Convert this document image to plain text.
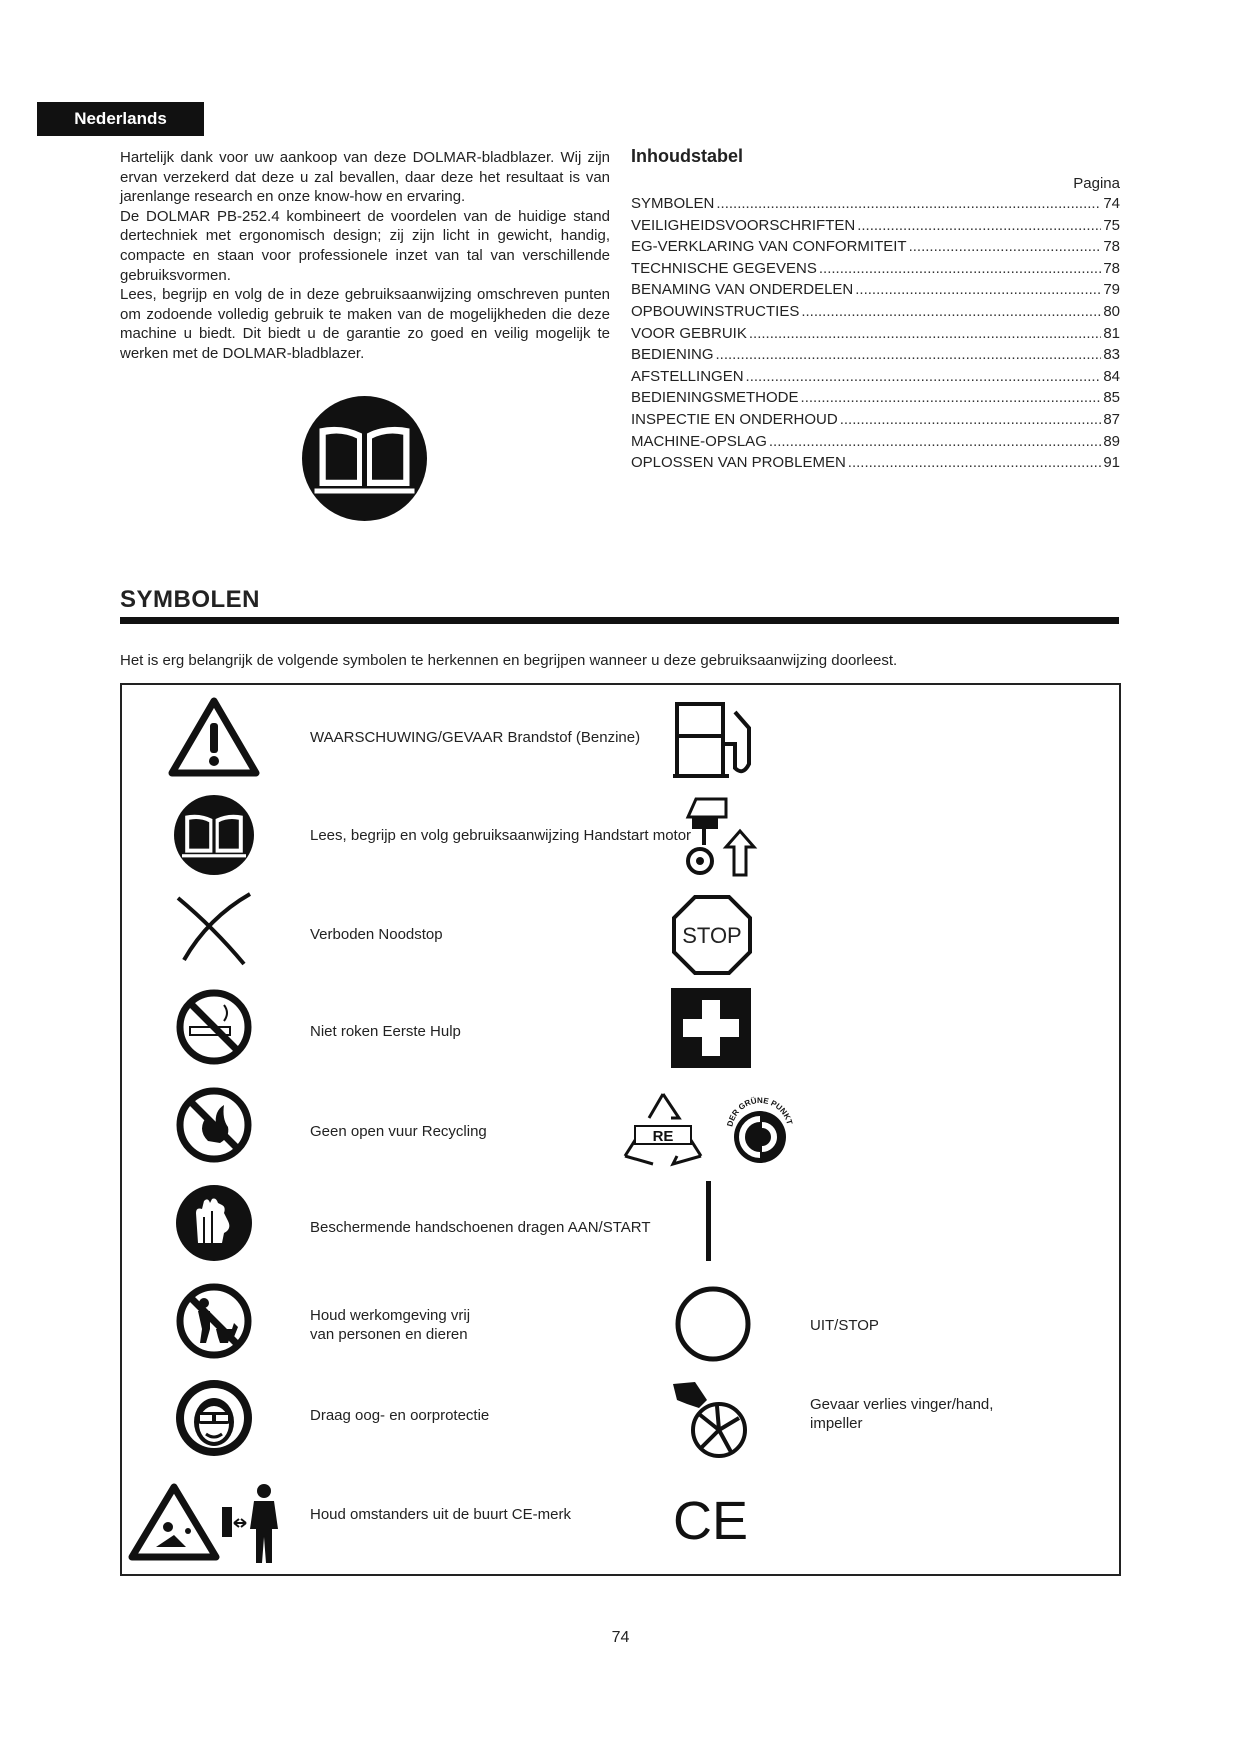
Nederlands

Hartelijk dank voor uw aankoop van deze DOLMAR-bladblazer. Wij zijn ervan verzekerd dat deze u zal bevallen, daar deze het resultaat is van jarenlange research en onze know-how en ervaring.

De DOLMAR PB-252.4 kombineert de voordelen van de huidige stand dertechniek met ergonomisch design; zij zijn licht in gewicht, handig, compacte en staan voor professionele inzet van tal van verschillende gebruiksvormen.

Lees, begrijp en volg de in deze gebruiksaanwijzing omschreven punten om zodoende volledig gebruik te maken van de mogelijkheden die deze machine u biedt. Dit biedt u de garantie zo goed en veilig mogelijk te werken met de DOLMAR-bladblazer.

Inhoudstabel
Pagina
SYMBOLEN .....	74
VEILIGHEIDSVOORSCHRIFTEN .....	75
EG-VERKLARING VAN CONFORMITEIT .....	78
TECHNISCHE GEGEVENS .....	78
BENAMING VAN ONDERDELEN .....	79
OPBOUWINSTRUCTIES .....	80
VOOR GEBRUIK .....	81
BEDIENING .....	83
AFSTELLINGEN .....	84
BEDIENINGSMETHODE .....	85
INSPECTIE EN ONDERHOUD .....	87
MACHINE-OPSLAG .....	89
OPLOSSEN VAN PROBLEMEN .....	91
SYMBOLEN
Het is erg belangrijk de volgende symbolen te herkennen en begrijpen wanneer u deze gebruiksaanwijzing doorleest.
WAARSCHUWING/GEVAAR Brandstof (Benzine)
Lees, begrijp en volg gebruiksaanwijzing Handstart motor
Verboden Noodstop	STOP
Niet roken Eerste Hulp
Geen open vuur Recycling	RE
DER GRÜNE PUNKT
Beschermende handschoenen dragen AAN/START
Houd werkomgeving vrij
van personen en dieren
UIT/STOP
Draag oog- en oorprotectie
Gevaar verlies vinger/hand,
impeller
Houd omstanders uit de buurt CE-merk CE
74
